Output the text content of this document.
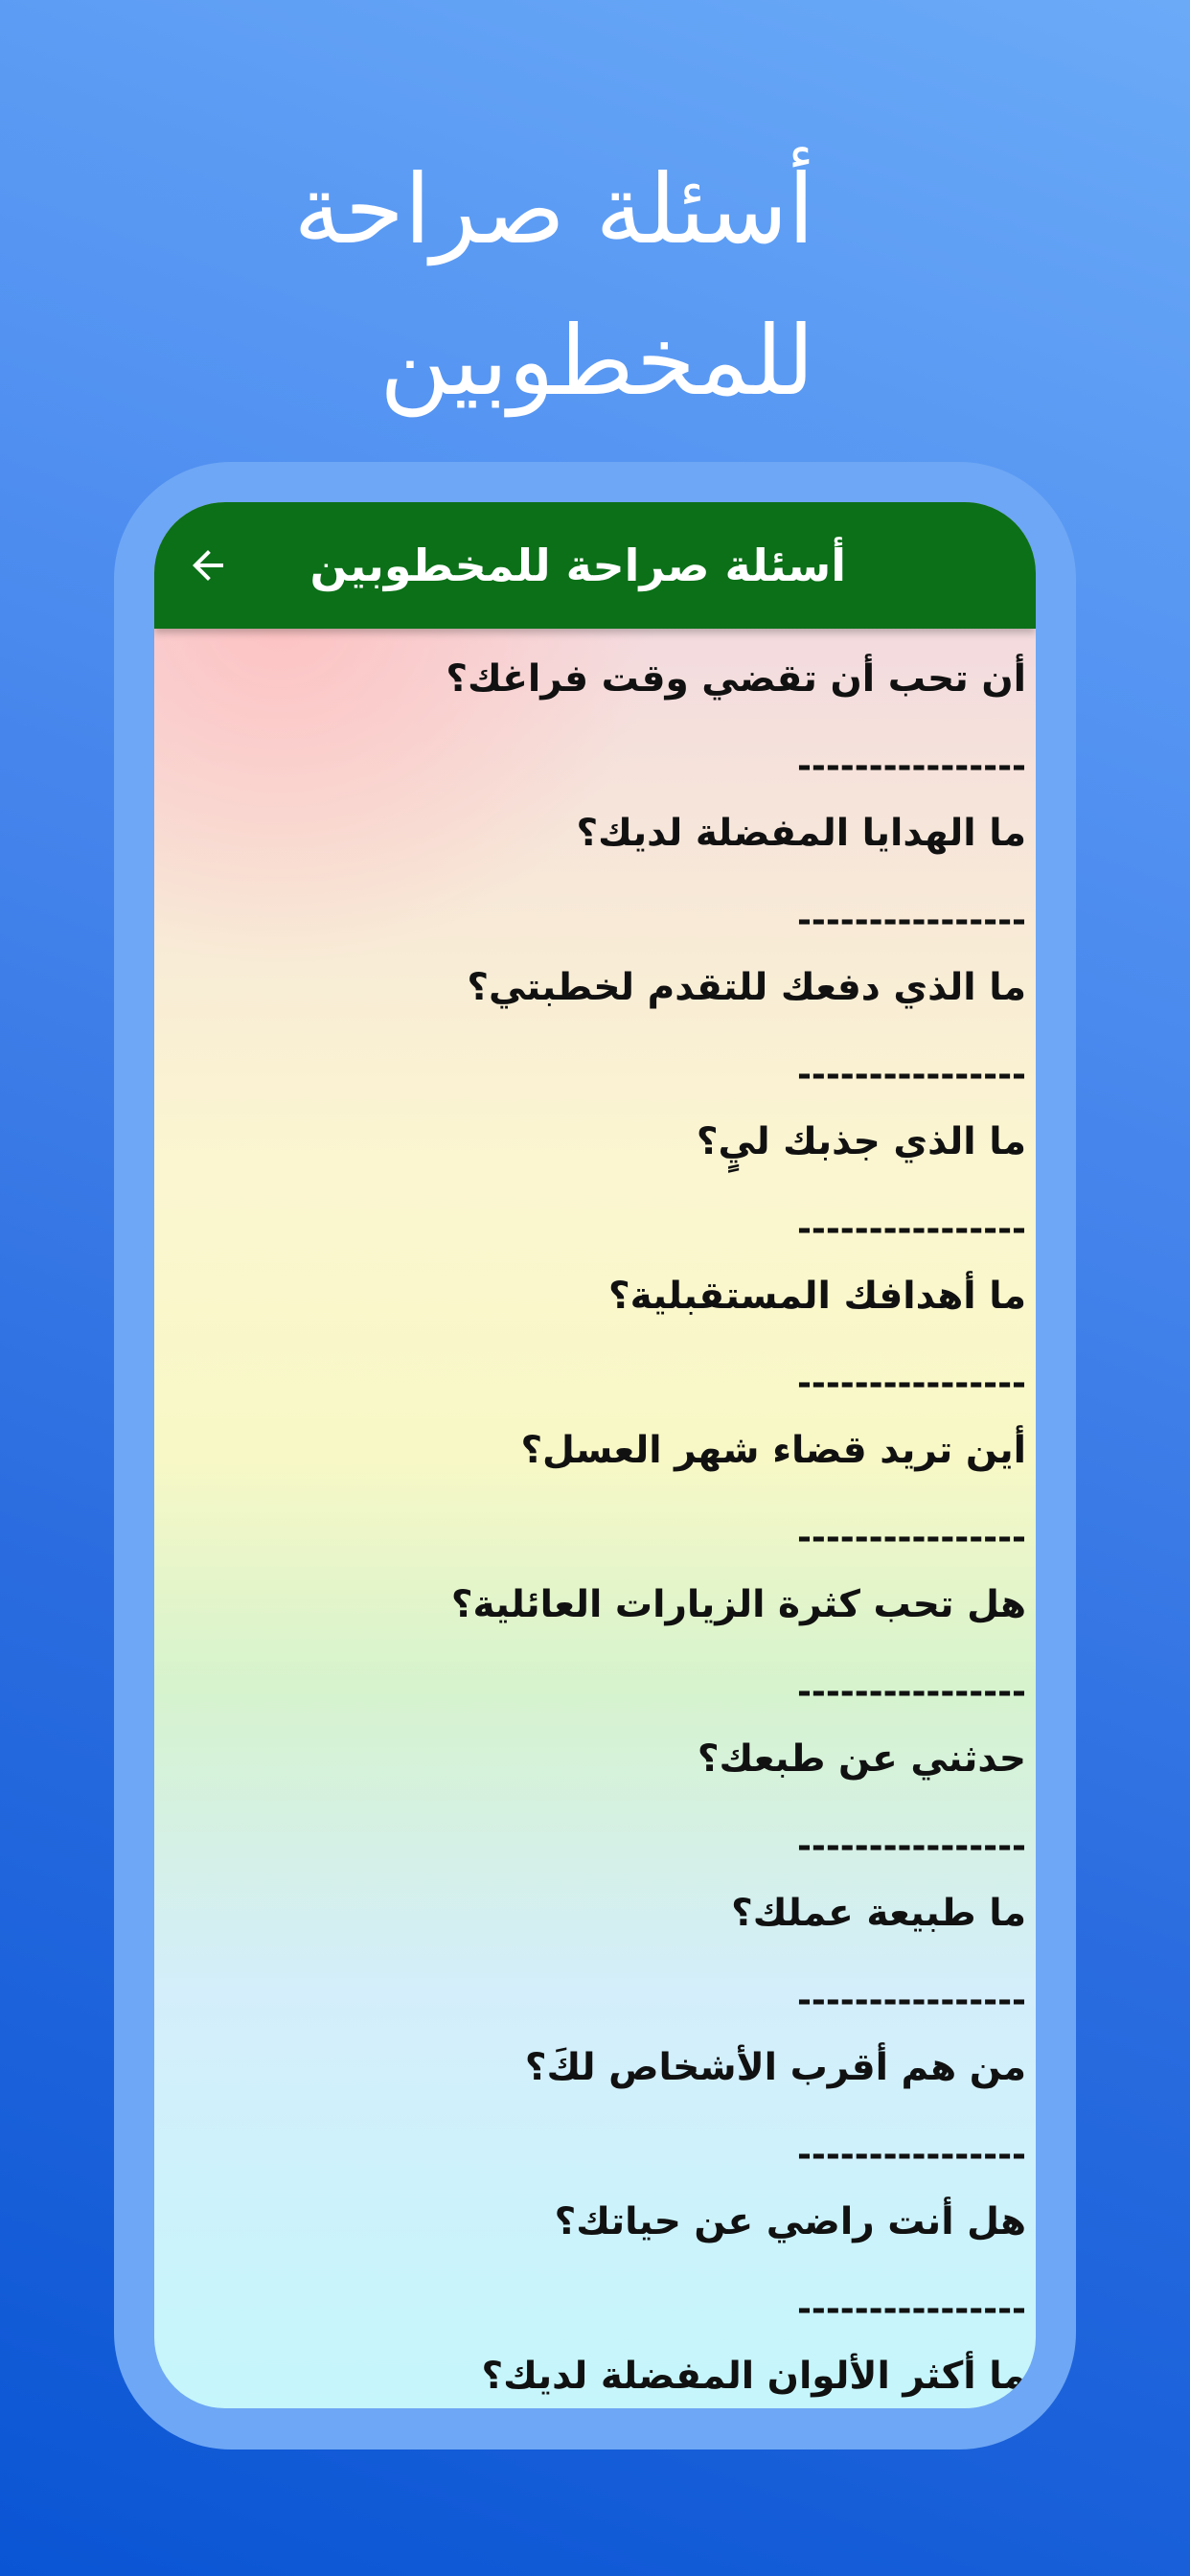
أسئلة صراحة
للمخطوبين
أسئلة صراحة للمخطوبين
أن تحب أن تقضي وقت فراغك؟
----------------
ما الهدايا المفضلة لديك؟
----------------
ما الذي دفعك للتقدم لخطبتي؟
----------------
ما الذي جذبك ليٍ؟
----------------
ما أهدافك المستقبلية؟
----------------
أين تريد قضاء شهر العسل؟
----------------
هل تحب كثرة الزيارات العائلية؟
----------------
حدثني عن طبعك؟
----------------
ما طبيعة عملك؟
----------------
من هم أقرب الأشخاص لكَ؟
----------------
هل أنت راضي عن حياتك؟
----------------
ما أكثر الألوان المفضلة لديك؟
